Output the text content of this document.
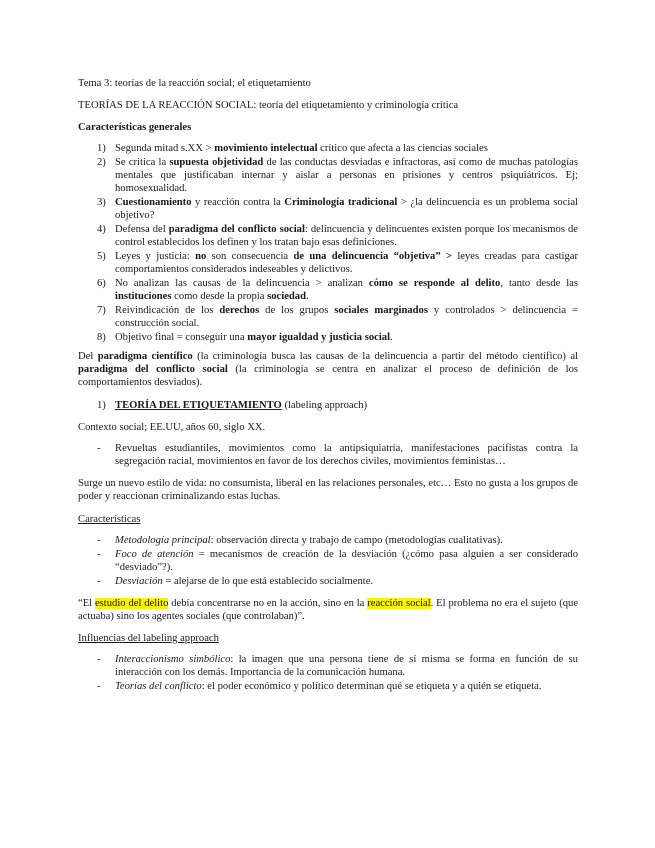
Tema 3: teorías de la reacción social; el etiquetamiento
TEORÍAS DE LA REACCIÓN SOCIAL: teoría del etiquetamiento y criminología crítica
Características generales
1) Segunda mitad s.XX > movimiento intelectual crítico que afecta a las ciencias sociales
2) Se critica la supuesta objetividad de las conductas desviadas e infractoras, así como de muchas patologías mentales que justificaban internar y aislar a personas en prisiones y centros psiquiátricos. Ej; homosexualidad.
3) Cuestionamiento y reacción contra la Criminología tradicional > ¿la delincuencia es un problema social objetivo?
4) Defensa del paradigma del conflicto social: delincuencia y delincuentes existen porque los mecanismos de control establecidos los definen y los tratan bajo esas definiciones.
5) Leyes y justicia: no son consecuencia de una delincuencia “objetiva” > leyes creadas para castigar comportamientos considerados indeseables y delictivos.
6) No analizan las causas de la delincuencia > analizan cómo se responde al delito, tanto desde las instituciones como desde la propia sociedad.
7) Reivindicación de los derechos de los grupos sociales marginados y controlados > delincuencia = construcción social.
8) Objetivo final = conseguir una mayor igualdad y justicia social.
Del paradigma científico (la criminología busca las causas de la delincuencia a partir del método científico) al paradigma del conflicto social (la criminología se centra en analizar el proceso de definición de los comportamientos desviados).
1) TEORÍA DEL ETIQUETAMIENTO (labeling approach)
Contexto social; EE.UU, años 60, siglo XX.
- Revueltas estudiantiles, movimientos como la antipsiquiatría, manifestaciones pacifistas contra la segregación racial, movimientos en favor de los derechos civiles, movimientos feministas…
Surge un nuevo estilo de vida: no consumista, liberal en las relaciones personales, etc… Esto no gusta a los grupos de poder y reaccionan criminalizando estas luchas.
Características
- Metodología principal: observación directa y trabajo de campo (metodologías cualitativas).
- Foco de atención = mecanismos de creación de la desviación (¿cómo pasa alguien a ser considerado “desviado”?).
- Desviación = alejarse de lo que está establecido socialmente.
“El estudio del delito debía concentrarse no en la acción, sino en la reacción social. El problema no era el sujeto (que actuaba) sino los agentes sociales (que controlaban)”.
Influencias del labeling approach
- Interaccionismo simbólico: la imagen que una persona tiene de sí misma se forma en función de su interacción con los demás. Importancia de la comunicación humana.
- Teorías del conflicto: el poder económico y político determinan qué se etiqueta y a quién se etiqueta.
